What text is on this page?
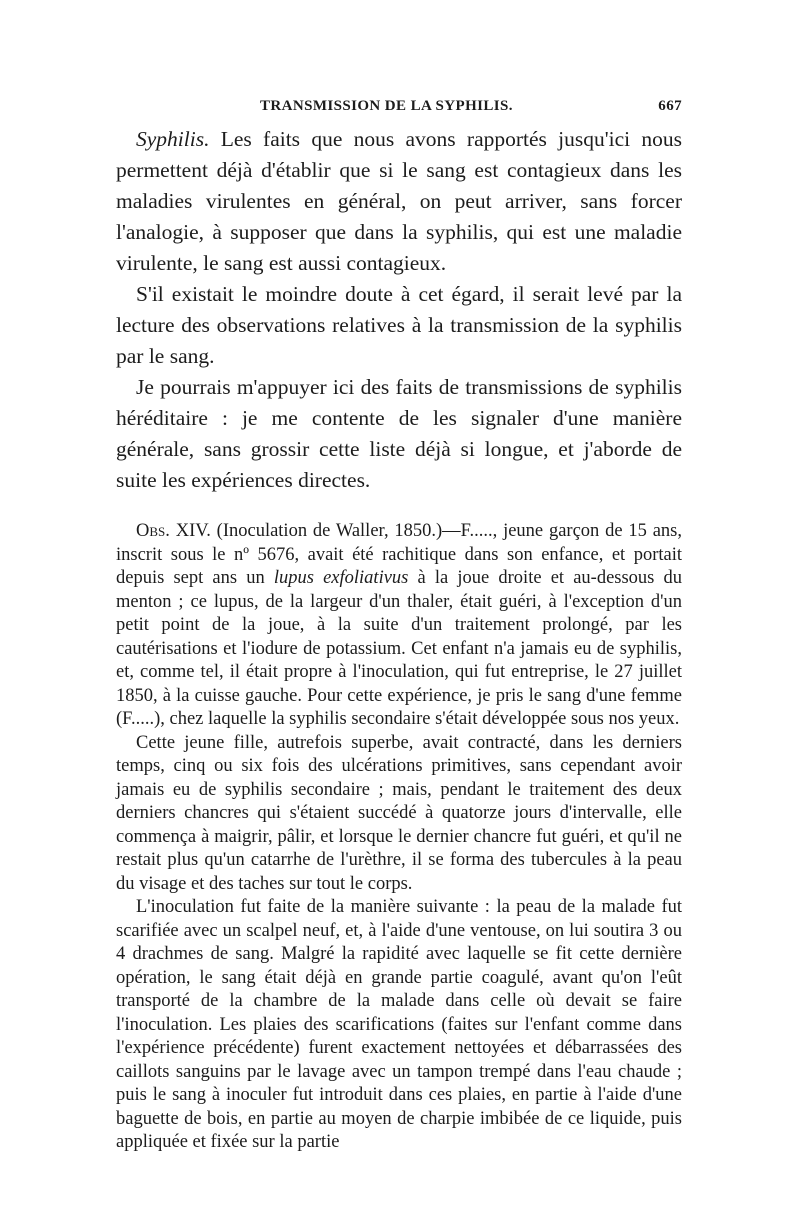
TRANSMISSION DE LA SYPHILIS.	667

Syphilis. Les faits que nous avons rapportés jusqu'ici nous permettent déjà d'établir que si le sang est contagieux dans les maladies virulentes en général, on peut arriver, sans forcer l'analogie, à supposer que dans la syphilis, qui est une maladie virulente, le sang est aussi contagieux.

S'il existait le moindre doute à cet égard, il serait levé par la lecture des observations relatives à la transmission de la syphilis par le sang.

Je pourrais m'appuyer ici des faits de transmissions de syphilis héréditaire : je me contente de les signaler d'une manière générale, sans grossir cette liste déjà si longue, et j'aborde de suite les expériences directes.

Obs. XIV. (Inoculation de Waller, 1850.)—F....., jeune garçon de 15 ans, inscrit sous le nº 5676, avait été rachitique dans son enfance, et portait depuis sept ans un lupus exfoliativus à la joue droite et au-dessous du menton ; ce lupus, de la largeur d'un thaler, était guéri, à l'exception d'un petit point de la joue, à la suite d'un traitement prolongé, par les cautérisations et l'iodure de potassium. Cet enfant n'a jamais eu de syphilis, et, comme tel, il était propre à l'inoculation, qui fut entreprise, le 27 juillet 1850, à la cuisse gauche. Pour cette expérience, je pris le sang d'une femme (F.....), chez laquelle la syphilis secondaire s'était développée sous nos yeux.

Cette jeune fille, autrefois superbe, avait contracté, dans les derniers temps, cinq ou six fois des ulcérations primitives, sans cependant avoir jamais eu de syphilis secondaire ; mais, pendant le traitement des deux derniers chancres qui s'étaient succédé à quatorze jours d'intervalle, elle commença à maigrir, pâlir, et lorsque le dernier chancre fut guéri, et qu'il ne restait plus qu'un catarrhe de l'urèthre, il se forma des tubercules à la peau du visage et des taches sur tout le corps.

L'inoculation fut faite de la manière suivante : la peau de la malade fut scarifiée avec un scalpel neuf, et, à l'aide d'une ventouse, on lui soutira 3 ou 4 drachmes de sang. Malgré la rapidité avec laquelle se fit cette dernière opération, le sang était déjà en grande partie coagulé, avant qu'on l'eût transporté de la chambre de la malade dans celle où devait se faire l'inoculation. Les plaies des scarifications (faites sur l'enfant comme dans l'expérience précédente) furent exactement nettoyées et débarrassées des caillots sanguins par le lavage avec un tampon trempé dans l'eau chaude ; puis le sang à inoculer fut introduit dans ces plaies, en partie à l'aide d'une baguette de bois, en partie au moyen de charpie imbibée de ce liquide, puis appliquée et fixée sur la partie
